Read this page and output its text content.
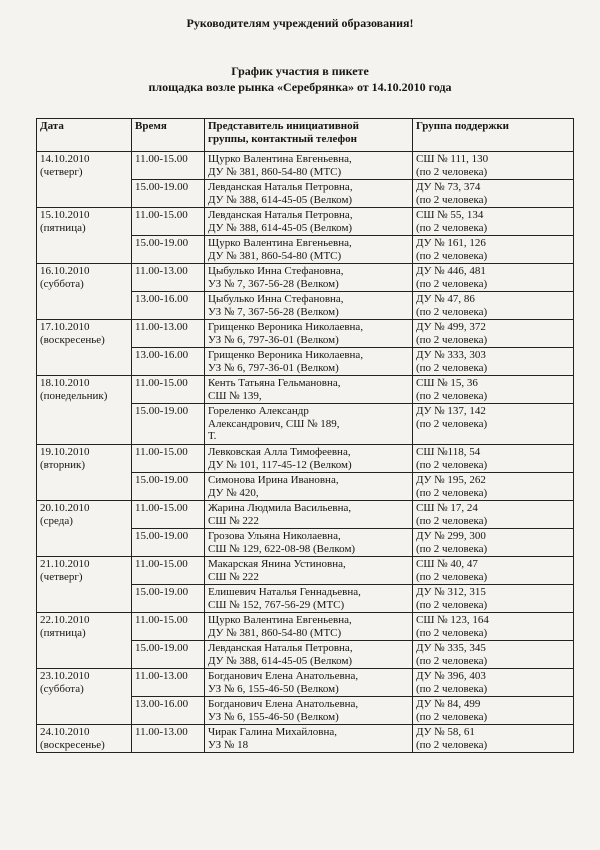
Руководителям учреждений образования!
График участия в пикете
площадка возле рынка «Серебрянка» от 14.10.2010 года
Дата	Время	Представитель инициативной
группы, контактный телефон	Группа поддержки

14.10.2010
(четверг)	11.00-15.00	Щурко Валентина Евгеньевна,
ДУ № 381, 860-54-80 (МТС)	СШ № 111, 130
(по 2 человека)

	15.00-19.00	Левданская Наталья Петровна,
ДУ № 388, 614-45-05 (Велком)	ДУ № 73, 374
(по 2 человека)

15.10.2010
(пятница)	11.00-15.00	Левданская Наталья Петровна,
ДУ № 388, 614-45-05 (Велком)	СШ № 55, 134
(по 2 человека)

	15.00-19.00	Щурко Валентина Евгеньевна,
ДУ № 381, 860-54-80 (МТС)	ДУ № 161, 126
(по 2 человека)

16.10.2010
(суббота)	11.00-13.00	Цыбулько Инна Стефановна,
УЗ № 7, 367-56-28 (Велком)	ДУ № 446, 481
(по 2 человека)

	13.00-16.00	Цыбулько Инна Стефановна,
УЗ № 7, 367-56-28 (Велком)	ДУ № 47, 86
(по 2 человека)

17.10.2010
(воскресенье)	11.00-13.00	Грищенко Вероника Николаевна,
УЗ № 6, 797-36-01 (Велком)	ДУ № 499, 372
(по 2 человека)

	13.00-16.00	Грищенко Вероника Николаевна,
УЗ № 6, 797-36-01 (Велком)	ДУ № 333, 303
(по 2 человека)

18.10.2010
(понедельник)	11.00-15.00	Кенть Татьяна Гельмановна,
СШ № 139,	СШ № 15, 36
(по 2 человека)

	15.00-19.00	Гореленко Александр
Александрович, СШ № 189,
Т.	ДУ № 137, 142
(по 2 человека)

19.10.2010
(вторник)	11.00-15.00	Левковская Алла Тимофеевна,
ДУ № 101, 117-45-12 (Велком)	СШ №118, 54
(по 2 человека)

	15.00-19.00	Симонова Ирина Ивановна,
ДУ № 420,	ДУ № 195, 262
(по 2 человека)

20.10.2010
(среда)	11.00-15.00	Жарина Людмила Васильевна,
СШ № 222	СШ № 17, 24
(по 2 человека)

	15.00-19.00	Грозова Ульяна Николаевна,
СШ № 129, 622-08-98 (Велком)	ДУ № 299, 300
(по 2 человека)

21.10.2010
(четверг)	11.00-15.00	Макарская Янина Устиновна,
СШ № 222	СШ № 40, 47
(по 2 человека)

	15.00-19.00	Елишевич Наталья Геннадьевна,
СШ № 152, 767-56-29 (МТС)	ДУ № 312, 315
(по 2 человека)

22.10.2010
(пятница)	11.00-15.00	Щурко Валентина Евгеньевна,
ДУ № 381, 860-54-80 (МТС)	СШ № 123, 164
(по 2 человека)

	15.00-19.00	Левданская Наталья Петровна,
ДУ № 388, 614-45-05 (Велком)	ДУ № 335, 345
(по 2 человека)

23.10.2010
(суббота)	11.00-13.00	Богданович Елена Анатольевна,
УЗ № 6, 155-46-50 (Велком)	ДУ № 396, 403
(по 2 человека)

	13.00-16.00	Богданович Елена Анатольевна,
УЗ № 6, 155-46-50 (Велком)	ДУ № 84, 499
(по 2 человека)

24.10.2010
(воскресенье)	11.00-13.00	Чирак Галина Михайловна,
УЗ № 18	ДУ № 58, 61
(по 2 человека)
